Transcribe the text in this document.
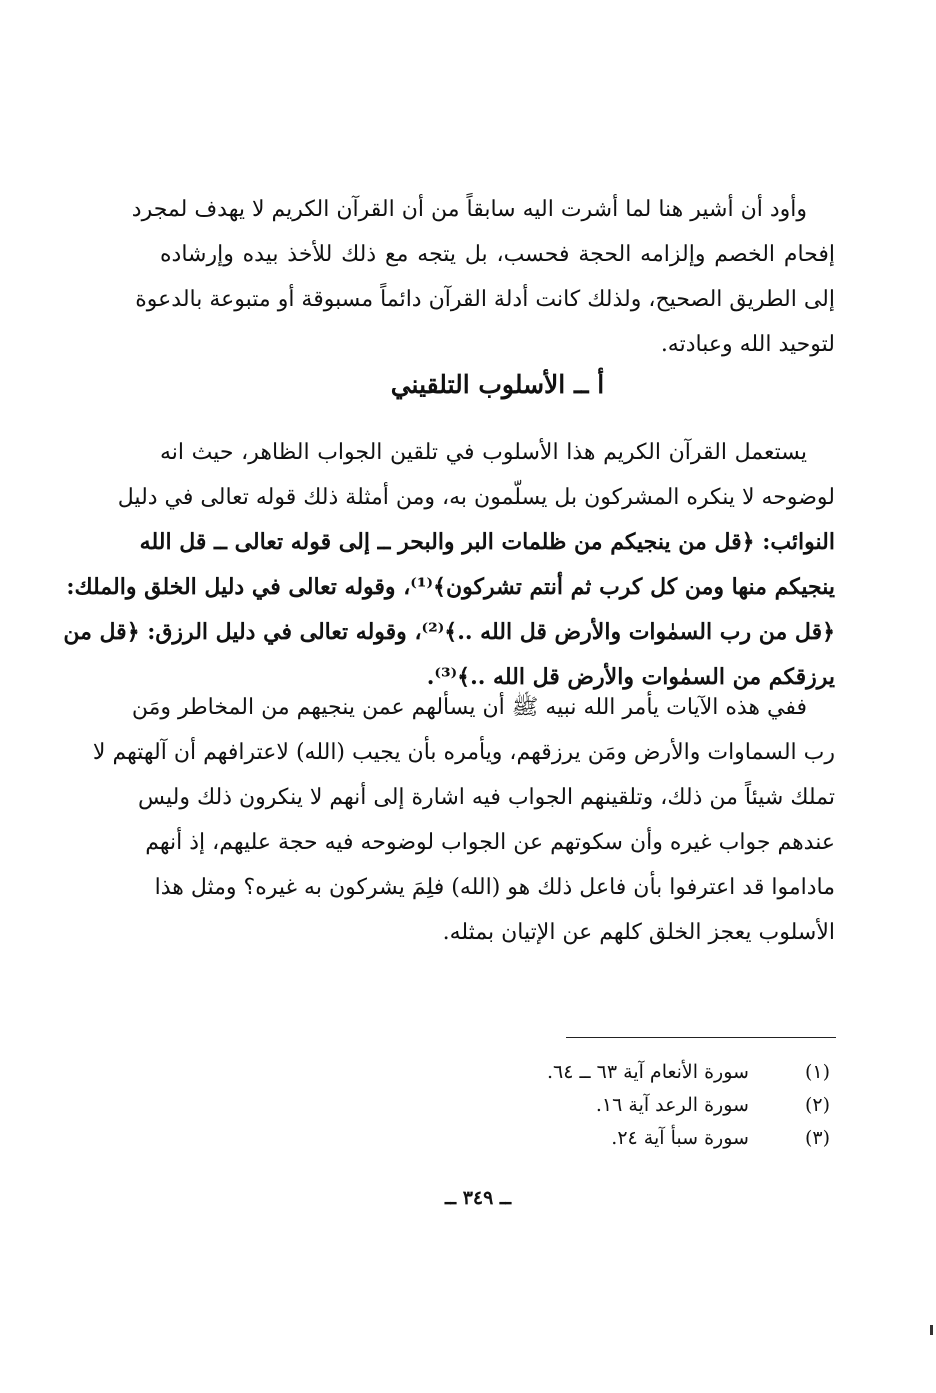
وأود أن أشير هنا لما أشرت اليه سابقاً من أن القرآن الكريم لا يهدف لمجرد
إفحام الخصم وإلزامه الحجة فحسب، بل يتجه مع ذلك للأخذ بيده وإرشاده
إلى الطريق الصحيح، ولذلك كانت أدلة القرآن دائماً مسبوقة أو متبوعة بالدعوة
لتوحيد الله وعبادته.
أ ــ الأسلوب التلقيني
يستعمل القرآن الكريم هذا الأسلوب في تلقين الجواب الظاهر، حيث انه
لوضوحه لا ينكره المشركون بل يسلّمون به، ومن أمثلة ذلك قوله تعالى في دليل
النوائب: ﴿قل من ينجيكم من ظلمات البر والبحر ــ إلى قوله تعالى ــ قل الله
ينجيكم منها ومن كل كرب ثم أنتم تشركون﴾⁽¹⁾، وقوله تعالى في دليل الخلق والملك:
﴿قل من رب السمٰوات والأرض قل الله ..﴾⁽²⁾، وقوله تعالى في دليل الرزق: ﴿قل من
يرزقكم من السمٰوات والأرض قل الله ..﴾⁽³⁾.
ففي هذه الآيات يأمر الله نبيه ﷺ أن يسألهم عمن ينجيهم من المخاطر ومَن
رب السماوات والأرض ومَن يرزقهم، ويأمره بأن يجيب (الله) لاعترافهم أن آلهتهم لا
تملك شيئاً من ذلك، وتلقينهم الجواب فيه اشارة إلى أنهم لا ينكرون ذلك وليس
عندهم جواب غيره وأن سكوتهم عن الجواب لوضوحه فيه حجة عليهم، إذ أنهم
ماداموا قد اعترفوا بأن فاعل ذلك هو (الله) فلِمَ يشركون به غيره؟ ومثل هذا
الأسلوب يعجز الخلق كلهم عن الإتيان بمثله.
(١) سورة الأنعام آية ٦٣ ــ ٦٤.
(٢) سورة الرعد آية ١٦.
(٣) سورة سبأ آية ٢٤.
ــ ٣٤٩ ــ
